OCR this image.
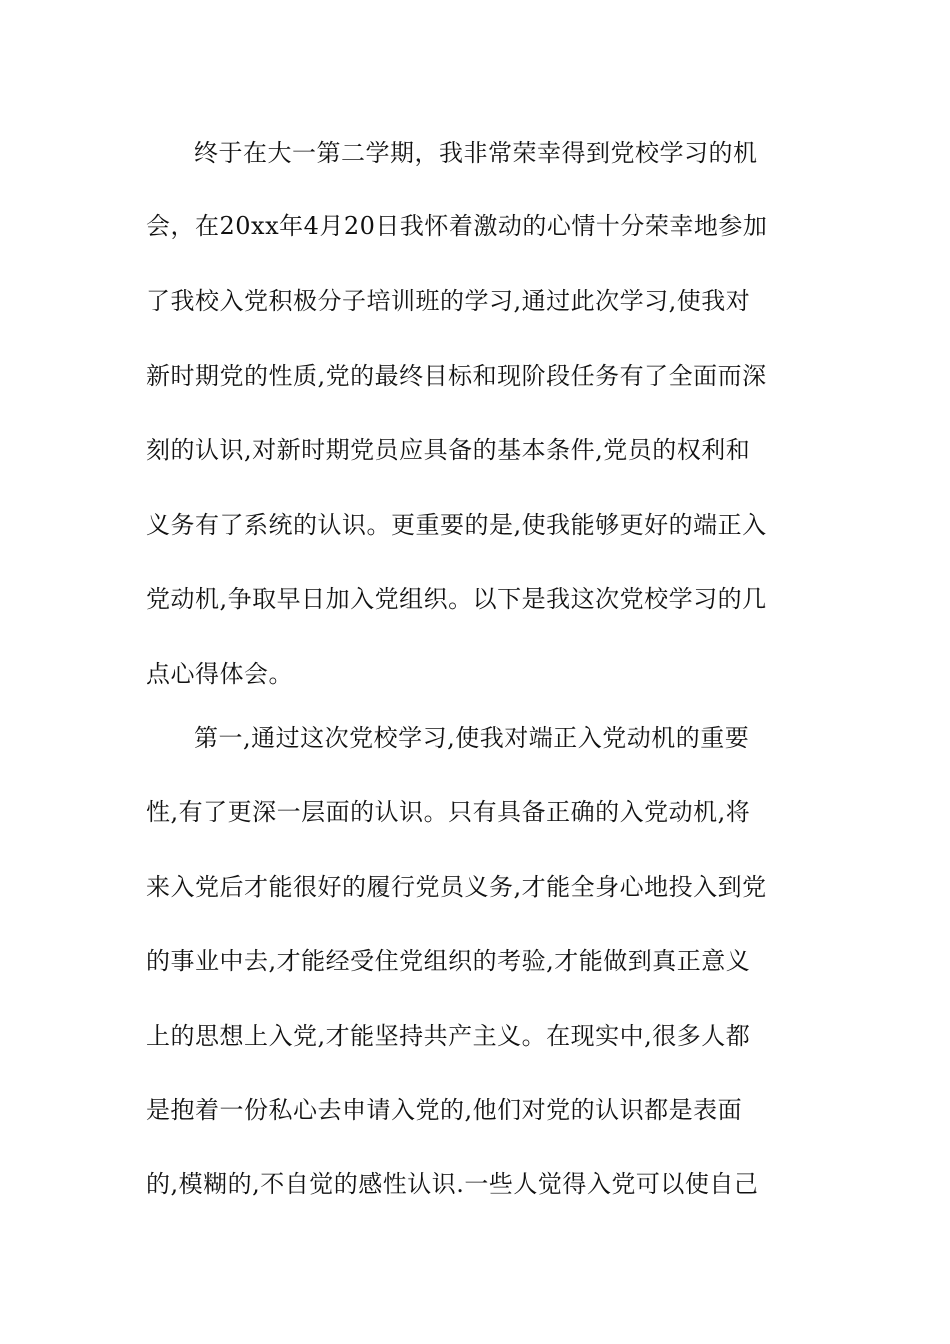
终于在大一第二学期，我非常荣幸得到党校学习的机
会，在20xx年4月20日我怀着激动的心情十分荣幸地参加
了我校入党积极分子培训班的学习,通过此次学习,使我对
新时期党的性质,党的最终目标和现阶段任务有了全面而深
刻的认识,对新时期党员应具备的基本条件,党员的权利和
义务有了系统的认识。更重要的是,使我能够更好的端正入
党动机,争取早日加入党组织。以下是我这次党校学习的几
点心得体会。
第一,通过这次党校学习,使我对端正入党动机的重要
性,有了更深一层面的认识。只有具备正确的入党动机,将
来入党后才能很好的履行党员义务,才能全身心地投入到党
的事业中去,才能经受住党组织的考验,才能做到真正意义
上的思想上入党,才能坚持共产主义。在现实中,很多人都
是抱着一份私心去申请入党的,他们对党的认识都是表面
的,模糊的,不自觉的感性认识.一些人觉得入党可以使自己
